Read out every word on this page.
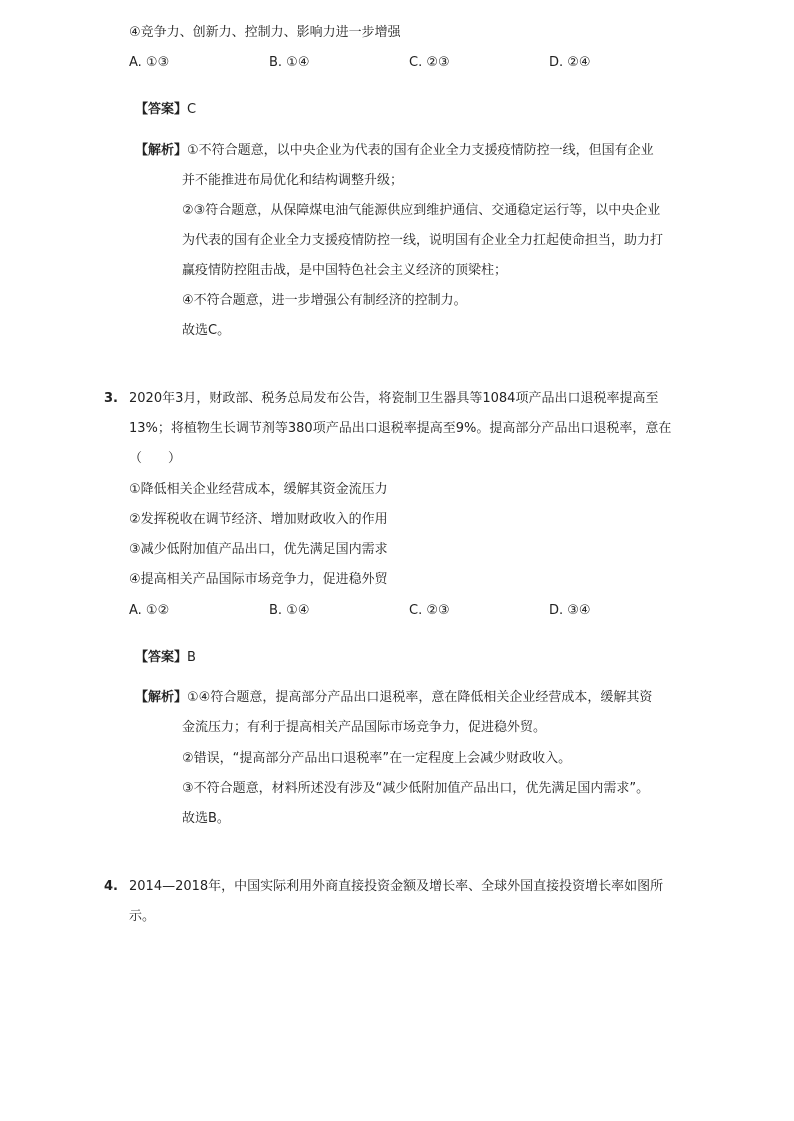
④竞争力、创新力、控制力、影响力进一步增强
A. ①③	B. ①④	C. ②③	D. ②④
【答案】C
【解析】①不符合题意，以中央企业为代表的国有企业全力支援疫情防控一线，但国有企业
并不能推进布局优化和结构调整升级；
②③符合题意，从保障煤电油气能源供应到维护通信、交通稳定运行等，以中央企业
为代表的国有企业全力支援疫情防控一线，说明国有企业全力扛起使命担当，助力打
赢疫情防控阻击战，是中国特色社会主义经济的顶梁柱；
④不符合题意，进一步增强公有制经济的控制力。
故选C。
3. 2020年3月，财政部、税务总局发布公告，将瓷制卫生器具等1084项产品出口退税率提高至
13%；将植物生长调节剂等380项产品出口退税率提高至9%。提高部分产品出口退税率，意在
（　　）
①降低相关企业经营成本，缓解其资金流压力
②发挥税收在调节经济、增加财政收入的作用
③减少低附加值产品出口，优先满足国内需求
④提高相关产品国际市场竞争力，促进稳外贸
A. ①②	B. ①④	C. ②③	D. ③④
【答案】B
【解析】①④符合题意，提高部分产品出口退税率，意在降低相关企业经营成本，缓解其资
金流压力；有利于提高相关产品国际市场竞争力，促进稳外贸。
②错误，“提高部分产品出口退税率”在一定程度上会减少财政收入。
③不符合题意，材料所述没有涉及“减少低附加值产品出口，优先满足国内需求”。
故选B。
4. 2014—2018年，中国实际利用外商直接投资金额及增长率、全球外国直接投资增长率如图所
示。
